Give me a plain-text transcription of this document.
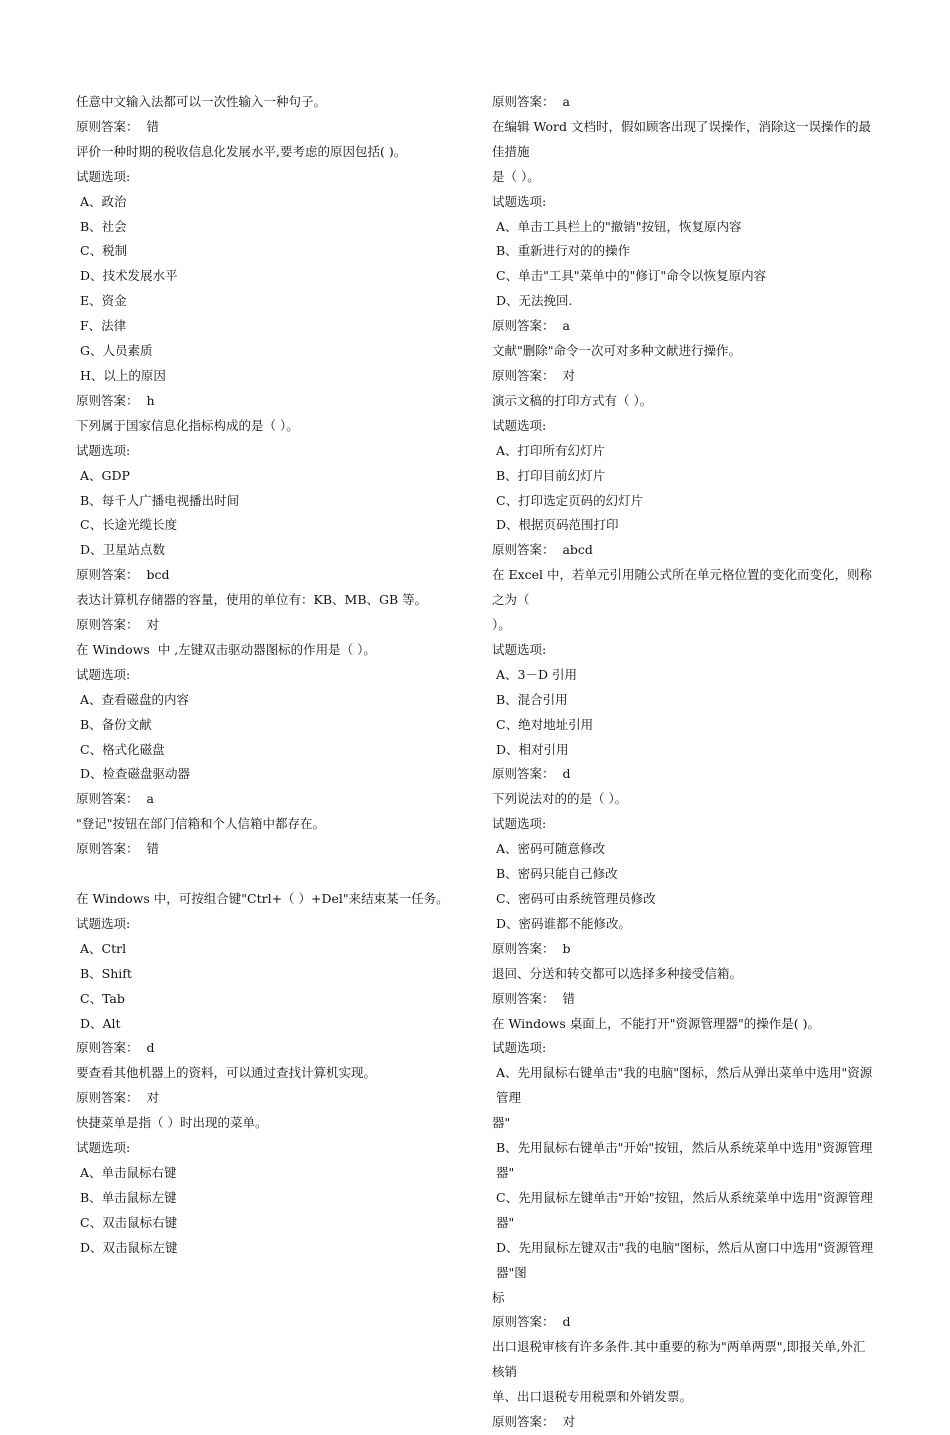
任意中文输入法都可以一次性输入一种句子。
原则答案：  错
评价一种时期的税收信息化发展水平,要考虑的原因包括( )。
试题选项:
A、政治
B、社会
C、税制
D、技术发展水平
E、资金
F、法律
G、人员素质
H、以上的原因
原则答案：  h
下列属于国家信息化指标构成的是（ ）。
试题选项:
A、GDP
B、每千人广播电视播出时间
C、长途光缆长度
D、卫星站点数
原则答案：  bcd
表达计算机存储器的容量，使用的单位有：KB、MB、GB 等。
原则答案：  对
在 Windows  中 ,左键双击驱动器图标的作用是（ ）。
试题选项:
A、查看磁盘的内容
B、备份文献
C、格式化磁盘
D、检查磁盘驱动器
原则答案：  a
"登记"按钮在部门信箱和个人信箱中都存在。
原则答案：  错
在 Windows 中，可按组合键"Ctrl+（ ）+Del"来结束某一任务。
试题选项:
A、Ctrl
B、Shift
C、Tab
D、Alt
原则答案：  d
要查看其他机器上的资料，可以通过查找计算机实现。
原则答案：  对
快捷菜单是指（ ）时出现的菜单。
试题选项:
A、单击鼠标右键
B、单击鼠标左键
C、双击鼠标右键
D、双击鼠标左键
原则答案：  a
在编辑 Word 文档时，假如顾客出现了误操作，消除这一误操作的最佳措施
是（ ）。
试题选项:
A、单击工具栏上的"撤销"按钮，恢复原内容
B、重新进行对的的操作
C、单击"工具"菜单中的"修订"命令以恢复原内容
D、无法挽回.
原则答案：  a
文献"删除"命令一次可对多种文献进行操作。
原则答案：  对
演示文稿的打印方式有（ ）。
试题选项:
A、打印所有幻灯片
B、打印目前幻灯片
C、打印选定页码的幻灯片
D、根据页码范围打印
原则答案：  abcd
在 Excel 中，若单元引用随公式所在单元格位置的变化而变化，则称之为（
）。
试题选项:
A、3－D 引用
B、混合引用
C、绝对地址引用
D、相对引用
原则答案：  d
下列说法对的的是（ ）。
试题选项:
A、密码可随意修改
B、密码只能自己修改
C、密码可由系统管理员修改
D、密码谁都不能修改。
原则答案：  b
退回、分送和转交都可以选择多种接受信箱。
原则答案：  错
在 Windows 桌面上，不能打开"资源管理器"的操作是( )。
试题选项:
A、先用鼠标右键单击"我的电脑"图标，然后从弹出菜单中选用"资源管理
器"
B、先用鼠标右键单击"开始"按钮，然后从系统菜单中选用"资源管理器"
C、先用鼠标左键单击"开始"按钮，然后从系统菜单中选用"资源管理器"
D、先用鼠标左键双击"我的电脑"图标，然后从窗口中选用"资源管理器"图
标
原则答案：  d
出口退税审核有许多条件.其中重要的称为"两单两票",即报关单,外汇核销
单、出口退税专用税票和外销发票。
原则答案：  对
